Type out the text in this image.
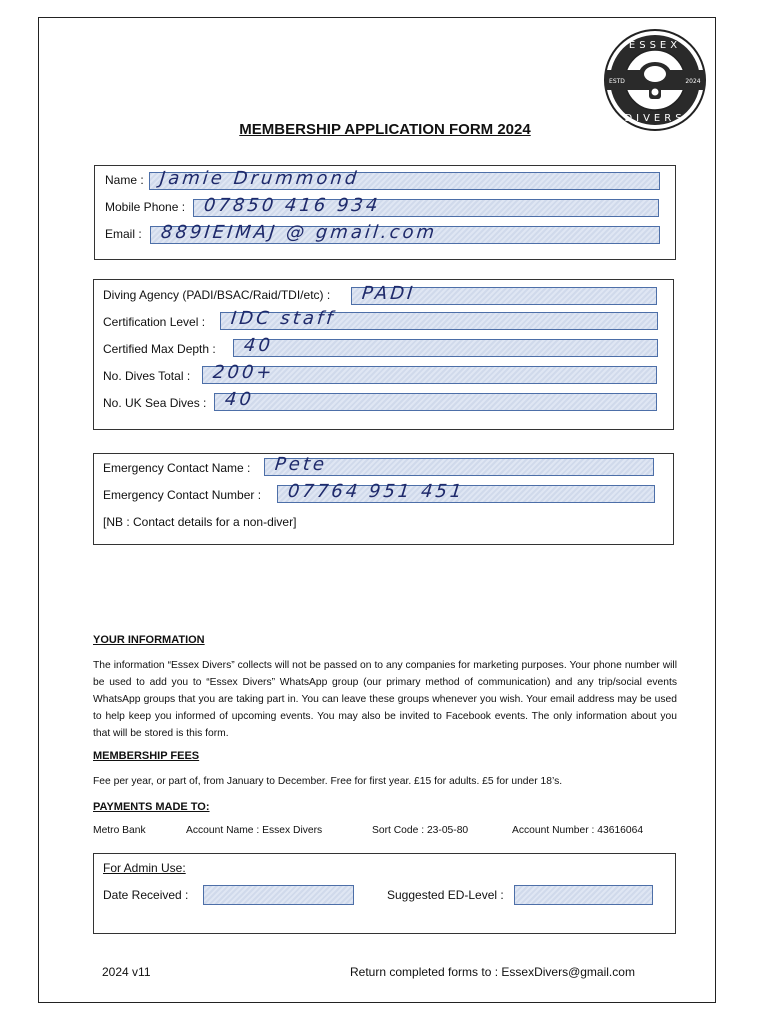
ESSEX
DIVERS
ESTD	2024
MEMBERSHIP APPLICATION FORM 2024
Name : Jamie Drummond
Mobile Phone : 07850 416 934
Email : 889IEIMAJ @ gmail.com
Diving Agency (PADI/BSAC/Raid/TDI/etc) : PADI
Certification Level : IDC staff
Certified Max Depth : 40
No. Dives Total : 200+
No. UK Sea Dives : 40
Emergency Contact Name : Pete
Emergency Contact Number : 07764 951 451
[NB : Contact details for a non-diver]
YOUR INFORMATION
The information “Essex Divers” collects will not be passed on to any companies for marketing purposes. Your phone number will be used to add you to “Essex Divers” WhatsApp group (our primary method of communication) and any trip/social events WhatsApp groups that you are taking part in. You can leave these groups whenever you wish. Your email address may be used to help keep you informed of upcoming events. You may also be invited to Facebook events. The only information about you that will be stored is this form.
MEMBERSHIP FEES
Fee per year, or part of, from January to December. Free for first year. £15 for adults. £5 for under 18’s.
PAYMENTS MADE TO:
Metro Bank	Account Name : Essex Divers	Sort Code : 23-05-80	Account Number : 43616064
For Admin Use:
Date Received :	Suggested ED-Level :
2024 v11	Return completed forms to : EssexDivers@gmail.com
